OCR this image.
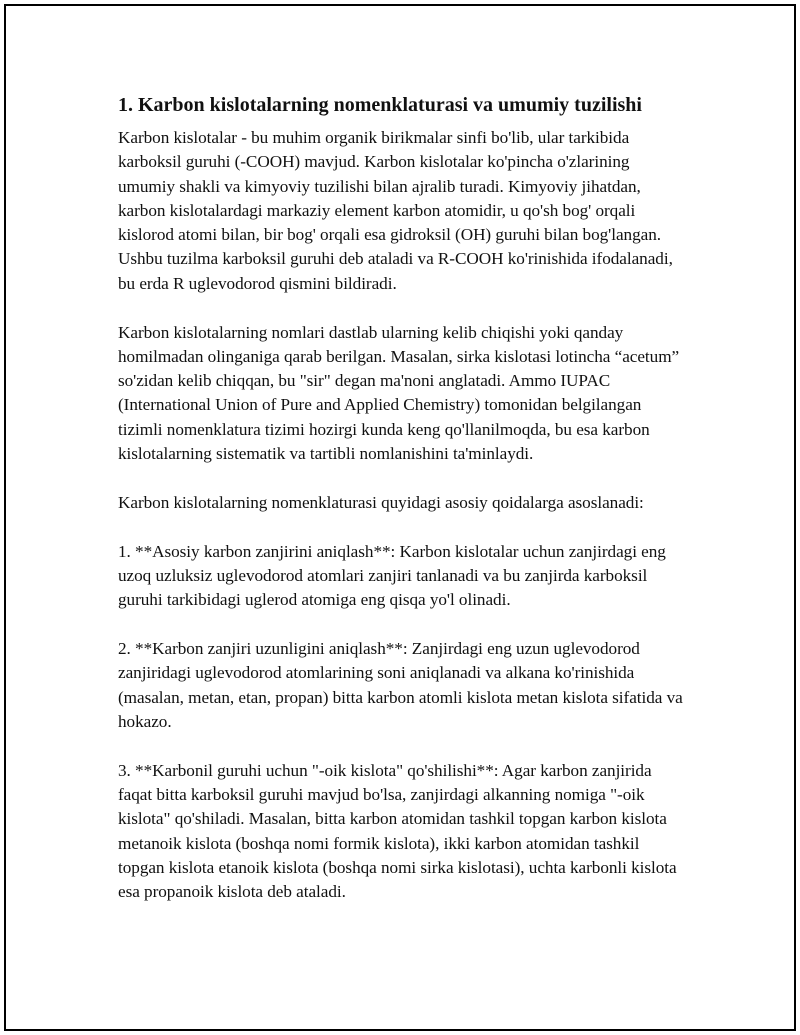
1. Karbon kislotalarning nomenklaturasi va umumiy tuzilishi

Karbon kislotalar - bu muhim organik birikmalar sinfi bo'lib, ular tarkibida karboksil guruhi (-COOH) mavjud. Karbon kislotalar ko'pincha o'zlarining umumiy shakli va kimyoviy tuzilishi bilan ajralib turadi. Kimyoviy jihatdan, karbon kislotalardagi markaziy element karbon atomidir, u qo'sh bog' orqali kislorod atomi bilan, bir bog' orqali esa gidroksil (OH) guruhi bilan bog'langan. Ushbu tuzilma karboksil guruhi deb ataladi va R-COOH ko'rinishida ifodalanadi, bu erda R uglevodorod qismini bildiradi.

Karbon kislotalarning nomlari dastlab ularning kelib chiqishi yoki qanday homilmadan olinganiga qarab berilgan. Masalan, sirka kislotasi lotincha “acetum” so'zidan kelib chiqqan, bu "sir" degan ma'noni anglatadi. Ammo IUPAC (International Union of Pure and Applied Chemistry) tomonidan belgilangan tizimli nomenklatura tizimi hozirgi kunda keng qo'llanilmoqda, bu esa karbon kislotalarning sistematik va tartibli nomlanishini ta'minlaydi.

Karbon kislotalarning nomenklaturasi quyidagi asosiy qoidalarga asoslanadi:

1. **Asosiy karbon zanjirini aniqlash**: Karbon kislotalar uchun zanjirdagi eng uzoq uzluksiz uglevodorod atomlari zanjiri tanlanadi va bu zanjirda karboksil guruhi tarkibidagi uglerod atomiga eng qisqa yo'l olinadi.

2. **Karbon zanjiri uzunligini aniqlash**: Zanjirdagi eng uzun uglevodorod zanjiridagi uglevodorod atomlarining soni aniqlanadi va alkana ko'rinishida (masalan, metan, etan, propan) bitta karbon atomli kislota metan kislota sifatida va hokazo.

3. **Karbonil guruhi uchun "-oik kislota" qo'shilishi**: Agar karbon zanjirida faqat bitta karboksil guruhi mavjud bo'lsa, zanjirdagi alkanning nomiga "-oik kislota" qo'shiladi. Masalan, bitta karbon atomidan tashkil topgan karbon kislota metanoik kislota (boshqa nomi formik kislota), ikki karbon atomidan tashkil topgan kislota etanoik kislota (boshqa nomi sirka kislotasi), uchta karbonli kislota esa propanoik kislota deb ataladi.
